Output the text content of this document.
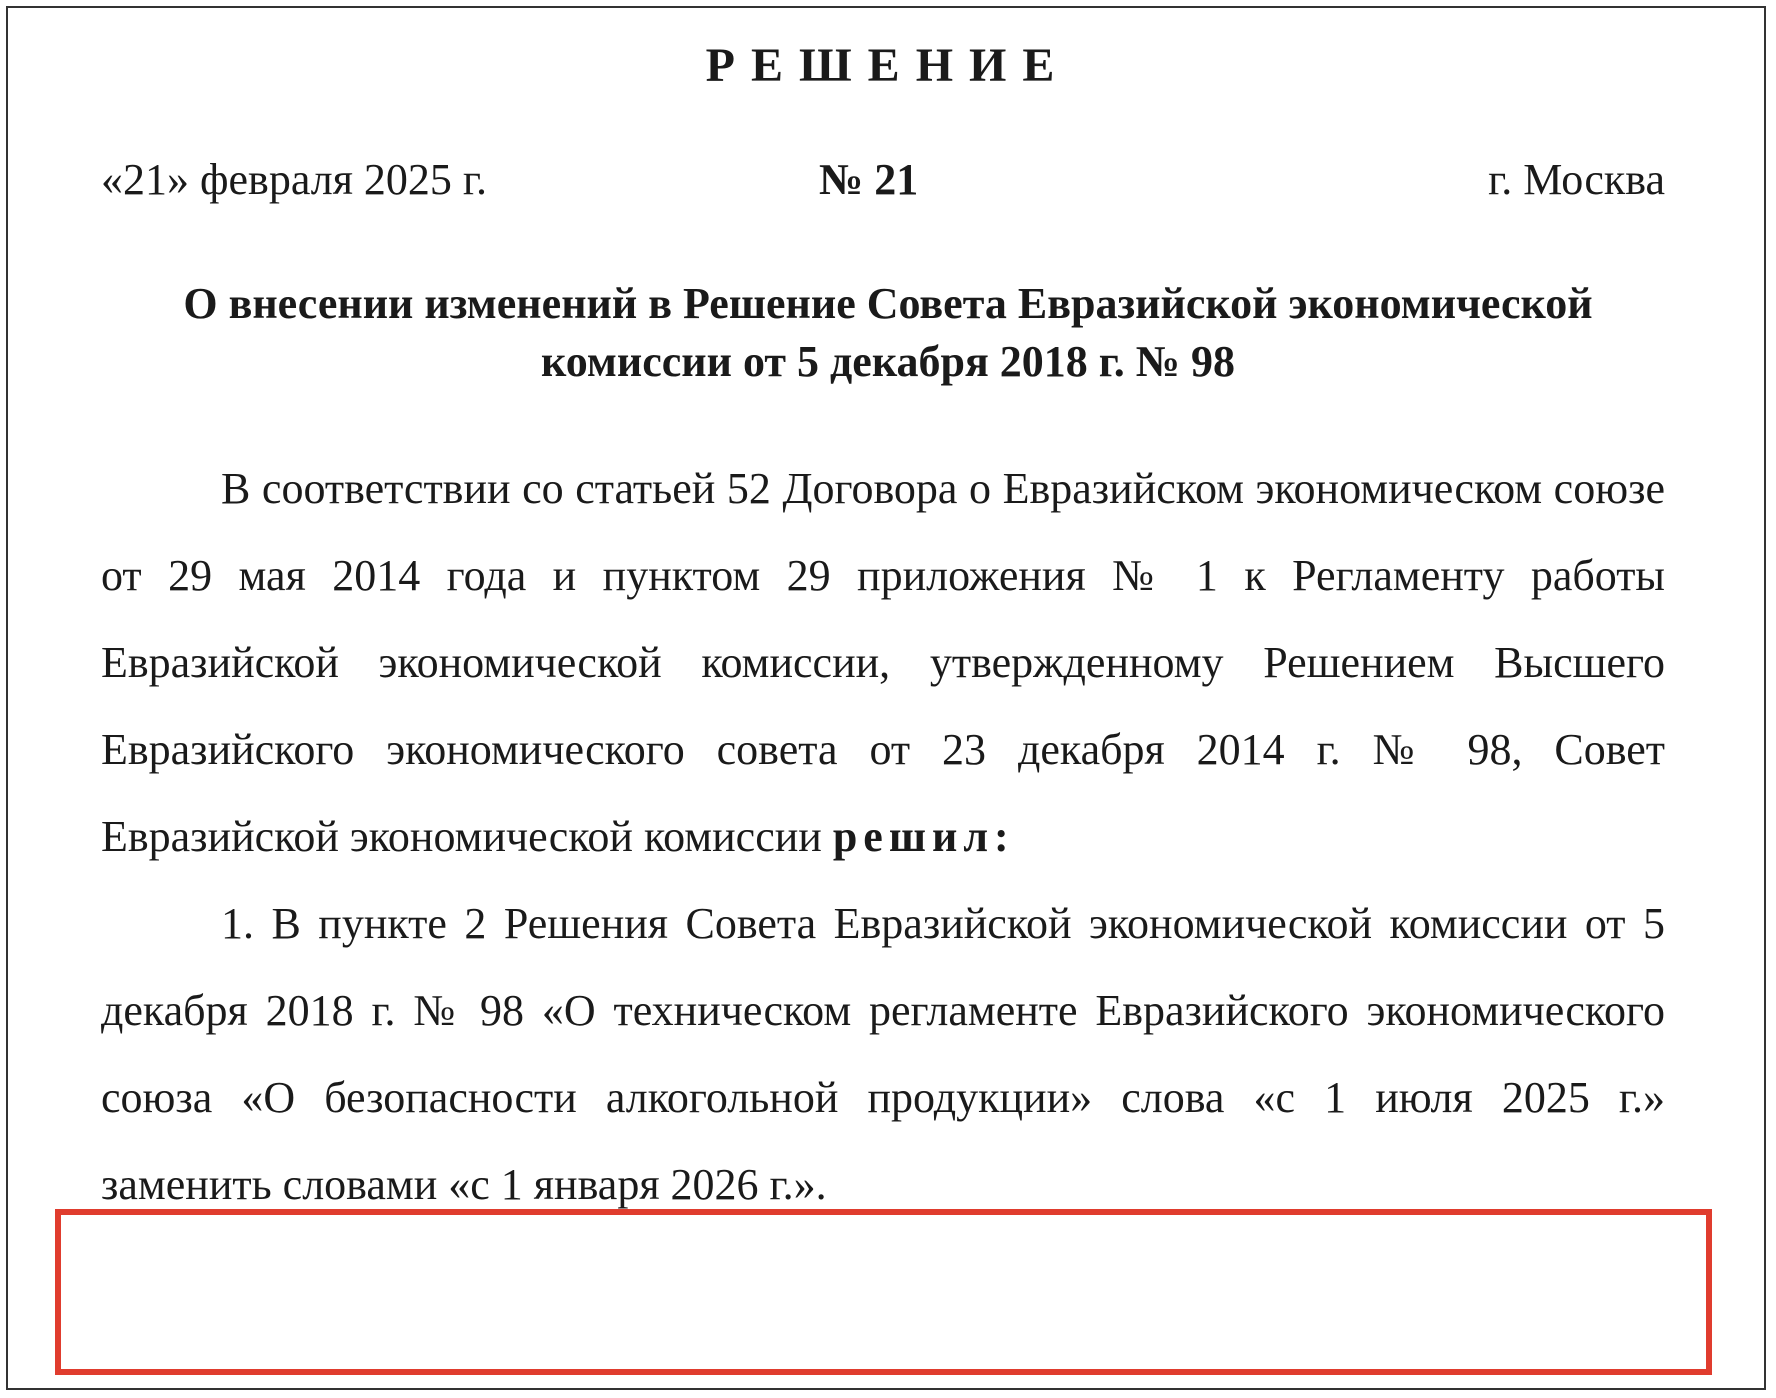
РЕШЕНИЕ
«21» февраля 2025 г.	№ 21	г. Москва
О внесении изменений в Решение Совета Евразийской экономической комиссии от 5 декабря 2018 г. № 98

В соответствии со статьей 52 Договора о Евразийском экономическом союзе от 29 мая 2014 года и пунктом 29 приложения № 1 к Регламенту работы Евразийской экономической комиссии, утвержденному Решением Высшего Евразийского экономического совета от 23 декабря 2014 г. № 98, Совет Евразийской экономической комиссии решил:

1. В пункте 2 Решения Совета Евразийской экономической комиссии от 5 декабря 2018 г. № 98 «О техническом регламенте Евразийского экономического союза «О безопасности алкогольной продукции» слова «с 1 июля 2025 г.» заменить словами «с 1 января 2026 г.».
